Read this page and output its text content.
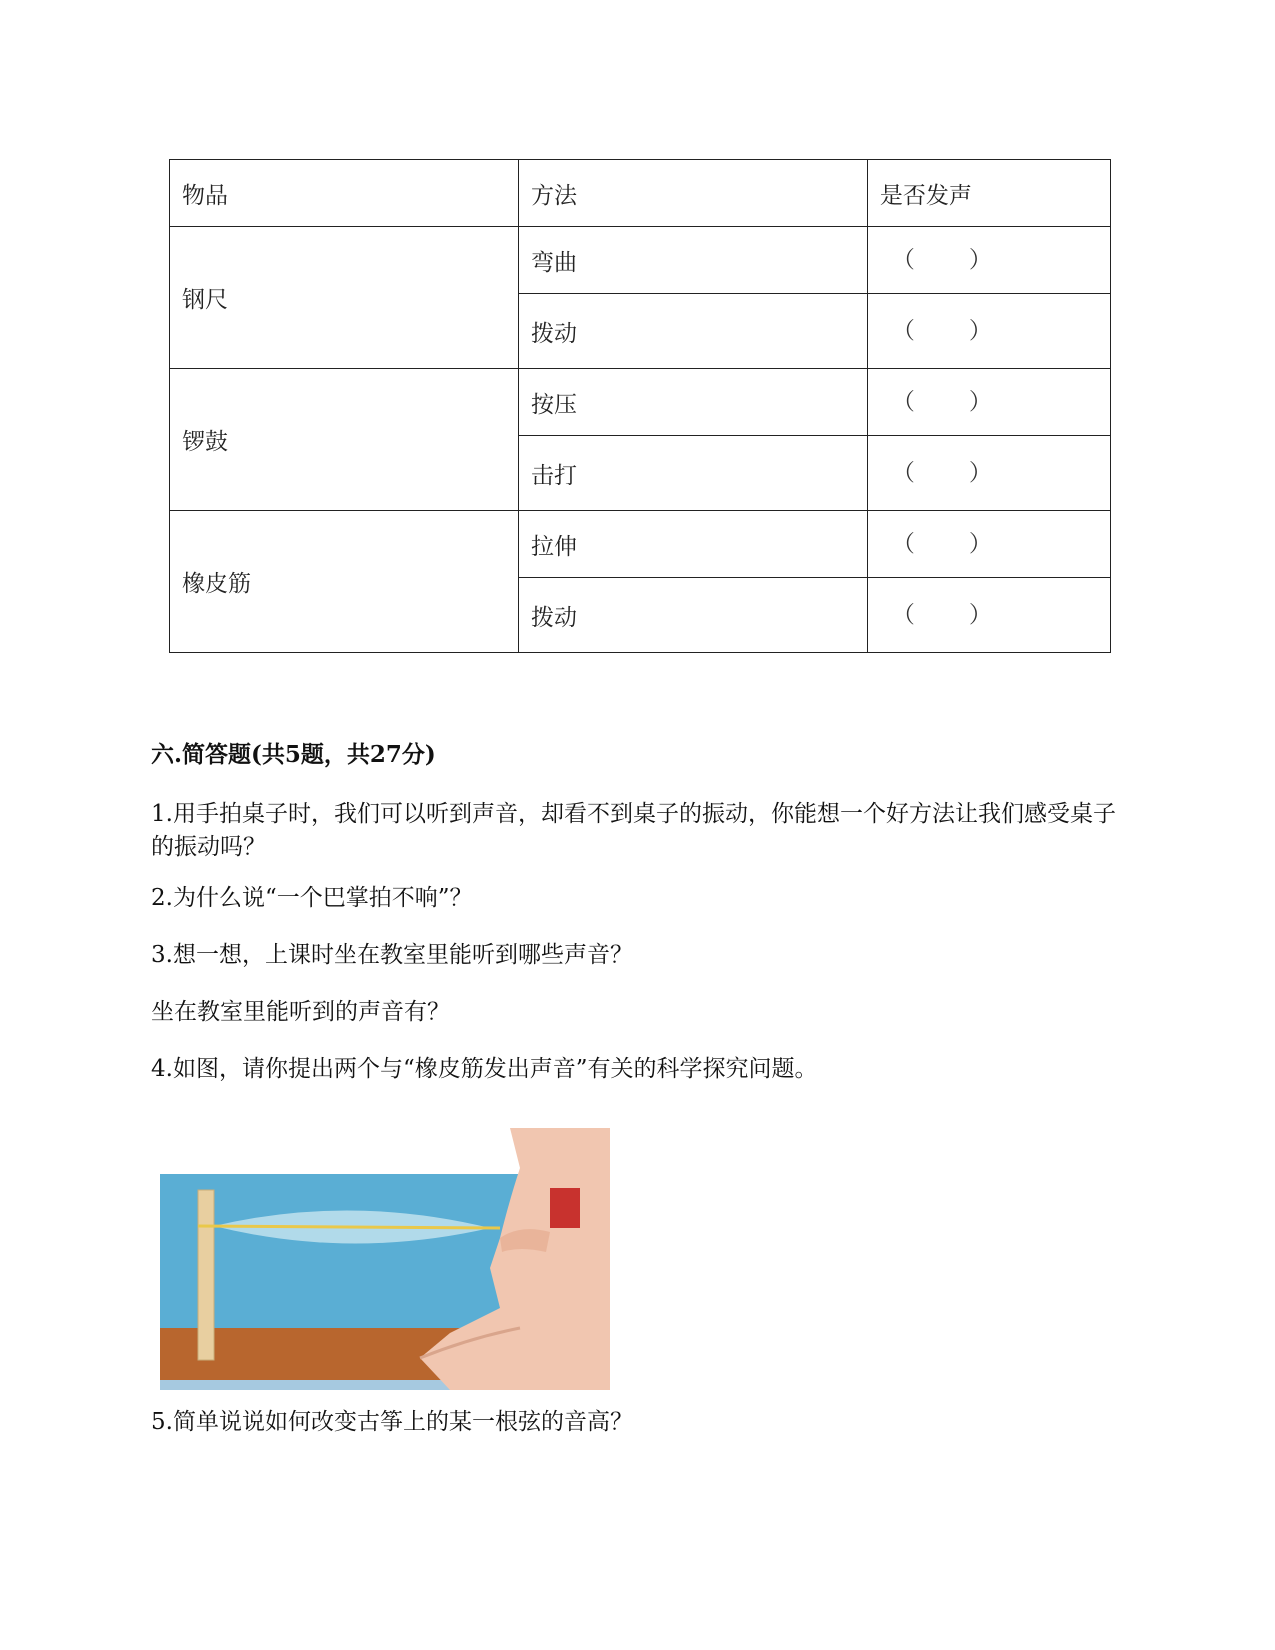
物品	方法	是否发声
钢尺	弯曲	（ ）

	拨动	（ ）

锣鼓	按压	（ ）

	击打	（ ）

橡皮筋	拉伸	（ ）

	拨动	（ ）
六.简答题(共5题，共27分)

1.用手拍桌子时，我们可以听到声音，却看不到桌子的振动，你能想一个好方法让我们感受桌子的振动吗？

2.为什么说“一个巴掌拍不响”？

3.想一想，上课时坐在教室里能听到哪些声音？

坐在教室里能听到的声音有？

4.如图，请你提出两个与“橡皮筋发出声音”有关的科学探究问题。

5.简单说说如何改变古筝上的某一根弦的音高？
